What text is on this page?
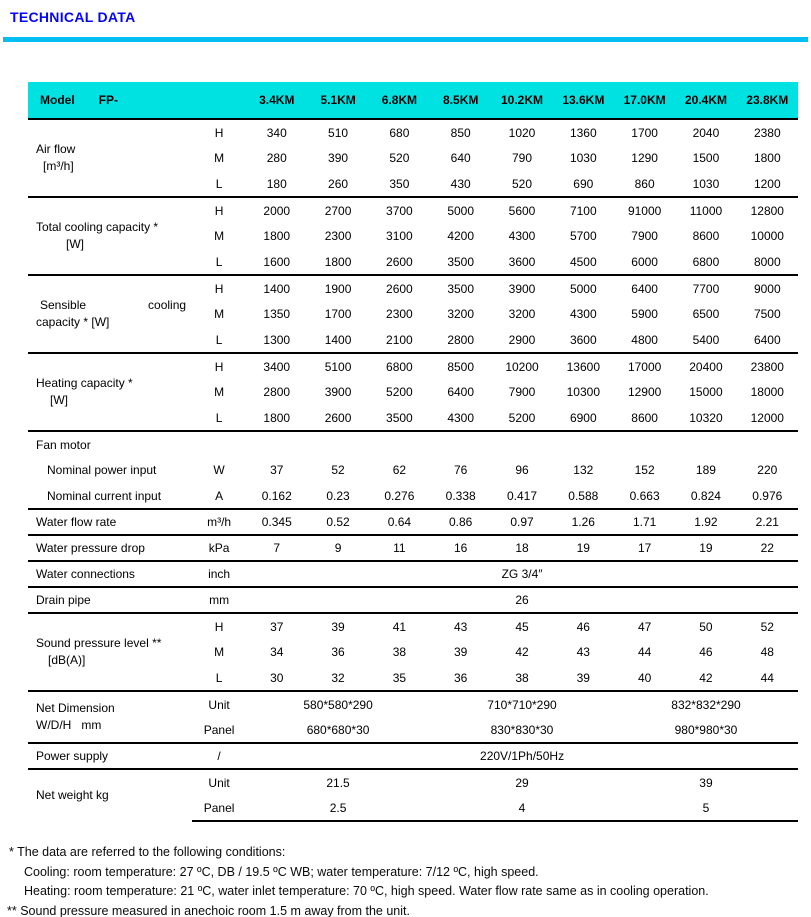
TECHNICAL DATA
Model FP-		3.4KM	5.1KM	6.8KM	8.5KM	10.2KM	13.6KM	17.0KM	20.4KM	23.8KM

Air flow
[m³/h]	H	340	510	680	850	1020	1360	1700	2040	2380
	M	280	390	520	640	790	1030	1290	1500	1800
	L	180	260	350	430	520	690	860	1030	1200

Total cooling capacity *
[W]	H	2000	2700	3700	5000	5600	7100	91000	11000	12800
	M	1800	2300	3100	4200	4300	5700	7900	8600	10000
	L	1600	1800	2600	3500	3600	4500	6000	6800	8000

Sensible cooling
capacity * [W]	H	1400	1900	2600	3500	3900	5000	6400	7700	9000
	M	1350	1700	2300	3200	3200	4300	5900	6500	7500
	L	1300	1400	2100	2800	2900	3600	4800	5400	6400

Heating capacity *
[W]	H	3400	5100	6800	8500	10200	13600	17000	20400	23800
	M	2800	3900	5200	6400	7900	10300	12900	15000	18000
	L	1800	2600	3500	4300	5200	6900	8600	10320	12000
Fan motor										
Nominal power input	W	37	52	62	76	96	132	152	189	220
Nominal current input	A	0.162	0.23	0.276	0.338	0.417	0.588	0.663	0.824	0.976
Water flow rate	m³/h	0.345	0.52	0.64	0.86	0.97	1.26	1.71	1.92	2.21
Water pressure drop	kPa	7	9	11	16	18	19	17	19	22
Water connections	inch	ZG 3/4″								
Drain pipe	mm	26								

Sound pressure level **
[dB(A)]	H	37	39	41	43	45	46	47	50	52
	M	34	36	38	39	42	43	44	46	48
	L	30	32	35	36	38	39	40	42	44

Net Dimension
W/D/H   mm	Unit	580*580*290			710*710*290			832*832*290		
	Panel	680*680*30			830*830*30			980*980*30		
Power supply	/	220V/1Ph/50Hz								

Net weight kg	Unit	21.5			29			39		
	Panel	2.5			4			5		

* The data are referred to the following conditions:

Cooling: room temperature: 27 ºC, DB / 19.5 ºC WB; water temperature: 7/12 ºC, high speed.

Heating: room temperature: 21 ºC, water inlet temperature: 70 ºC, high speed. Water flow rate same as in cooling operation.

** Sound pressure measured in anechoic room 1.5 m away from the unit.
